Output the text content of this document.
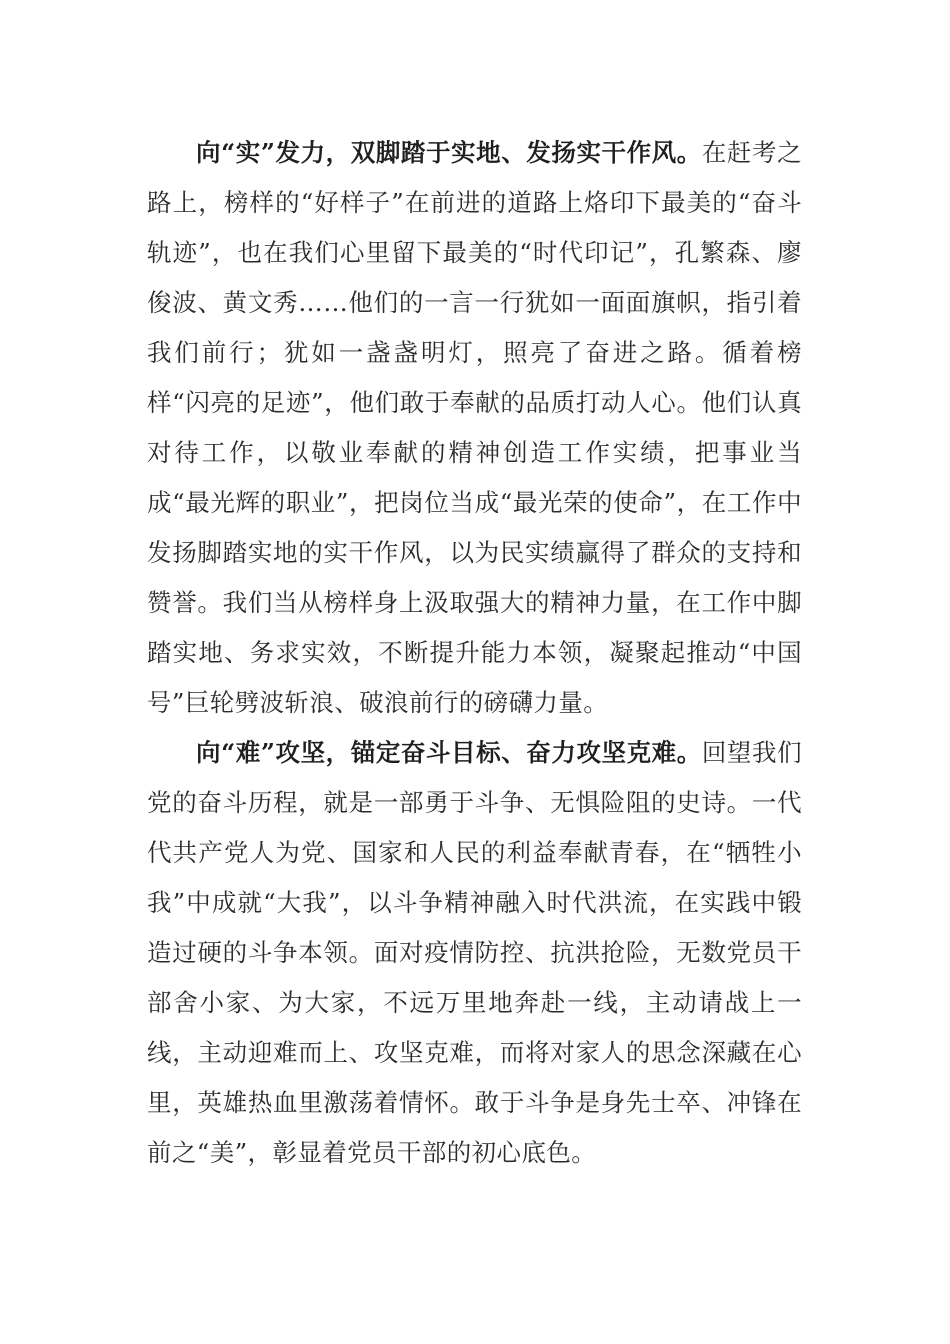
向“实”发力，双脚踏于实地、发扬实干作风。在赶考之路上，榜样的“好样子”在前进的道路上烙印下最美的“奋斗轨迹”，也在我们心里留下最美的“时代印记”，孔繁森、廖俊波、黄文秀……他们的一言一行犹如一面面旗帜，指引着我们前行；犹如一盏盏明灯，照亮了奋进之路。循着榜样“闪亮的足迹”，他们敢于奉献的品质打动人心。他们认真对待工作，以敬业奉献的精神创造工作实绩，把事业当成“最光辉的职业”，把岗位当成“最光荣的使命”，在工作中发扬脚踏实地的实干作风，以为民实绩赢得了群众的支持和赞誉。我们当从榜样身上汲取强大的精神力量，在工作中脚踏实地、务求实效，不断提升能力本领，凝聚起推动“中国号”巨轮劈波斩浪、破浪前行的磅礴力量。

向“难”攻坚，锚定奋斗目标、奋力攻坚克难。回望我们党的奋斗历程，就是一部勇于斗争、无惧险阻的史诗。一代代共产党人为党、国家和人民的利益奉献青春，在“牺牲小我”中成就“大我”，以斗争精神融入时代洪流，在实践中锻造过硬的斗争本领。面对疫情防控、抗洪抢险，无数党员干部舍小家、为大家，不远万里地奔赴一线，主动请战上一线，主动迎难而上、攻坚克难，而将对家人的思念深藏在心里，英雄热血里激荡着情怀。敢于斗争是身先士卒、冲锋在前之“美”，彰显着党员干部的初心底色。
